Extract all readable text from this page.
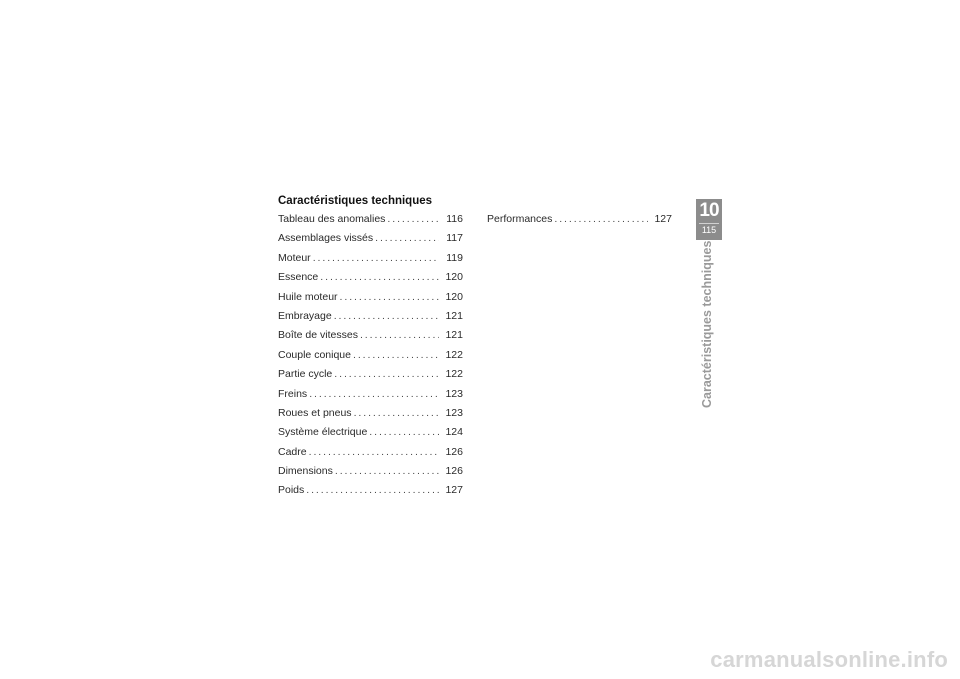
Caractéristiques techniques
Tableau des anomalies . . .	116
Assemblages vissés . . .	117
Moteur . . .	119
Essence . . .	120
Huile moteur . . .	120
Embrayage . . .	121
Boîte de vitesses . . .	121
Couple conique . . .	122
Partie cycle . . .	122
Freins . . .	123
Roues et pneus . . .	123
Système électrique . . .	124
Cadre . . .	126
Dimensions . . .	126
Poids . . .	127
Performances . . .	127 10
115
Caractéristiques techniques
carmanualsonline.info
